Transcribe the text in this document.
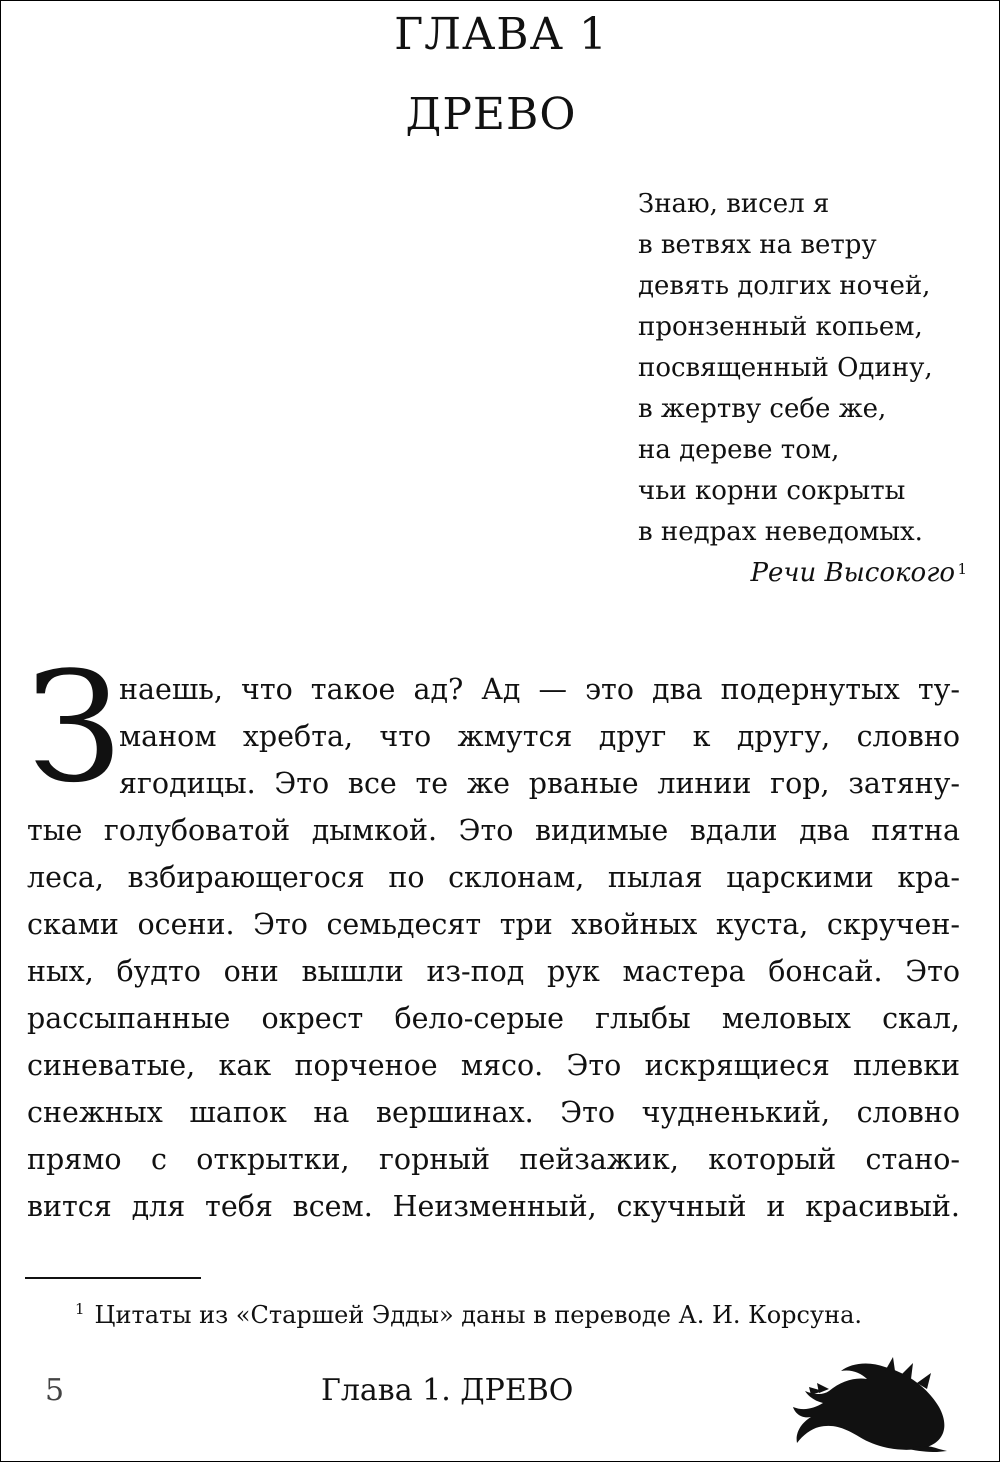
ГЛАВА 1
ДРЕВО
Знаю, висел я
в ветвях на ветру
девять долгих ночей,
пронзенный копьем,
посвященный Одину,
в жертву себе же,
на дереве том,
чьи корни сокрыты
в недрах неведомых.
Речи Высокого 1
З
наешь, что такое ад? Ад — это два подернутых ту-
маном хребта, что жмутся друг к другу, словно
ягодицы. Это все те же рваные линии гор, затяну-
тые голубоватой дымкой. Это видимые вдали два пятна
леса, взбирающегося по склонам, пылая царскими кра-
сками осени. Это семьдесят три хвойных куста, скручен-
ных, будто они вышли из-под рук мастера бонсай. Это
рассыпанные окрест бело-серые глыбы меловых скал,
синеватые, как порченое мясо. Это искрящиеся плевки
снежных шапок на вершинах. Это чудненький, словно
прямо с открытки, горный пейзажик, который стано-
вится для тебя всем. Неизменный, скучный и красивый.
$^1$ Цитаты из «Старшей Эдды» даны в переводе А. И. Корсуна.
5	Глава 1. ДРЕВО
